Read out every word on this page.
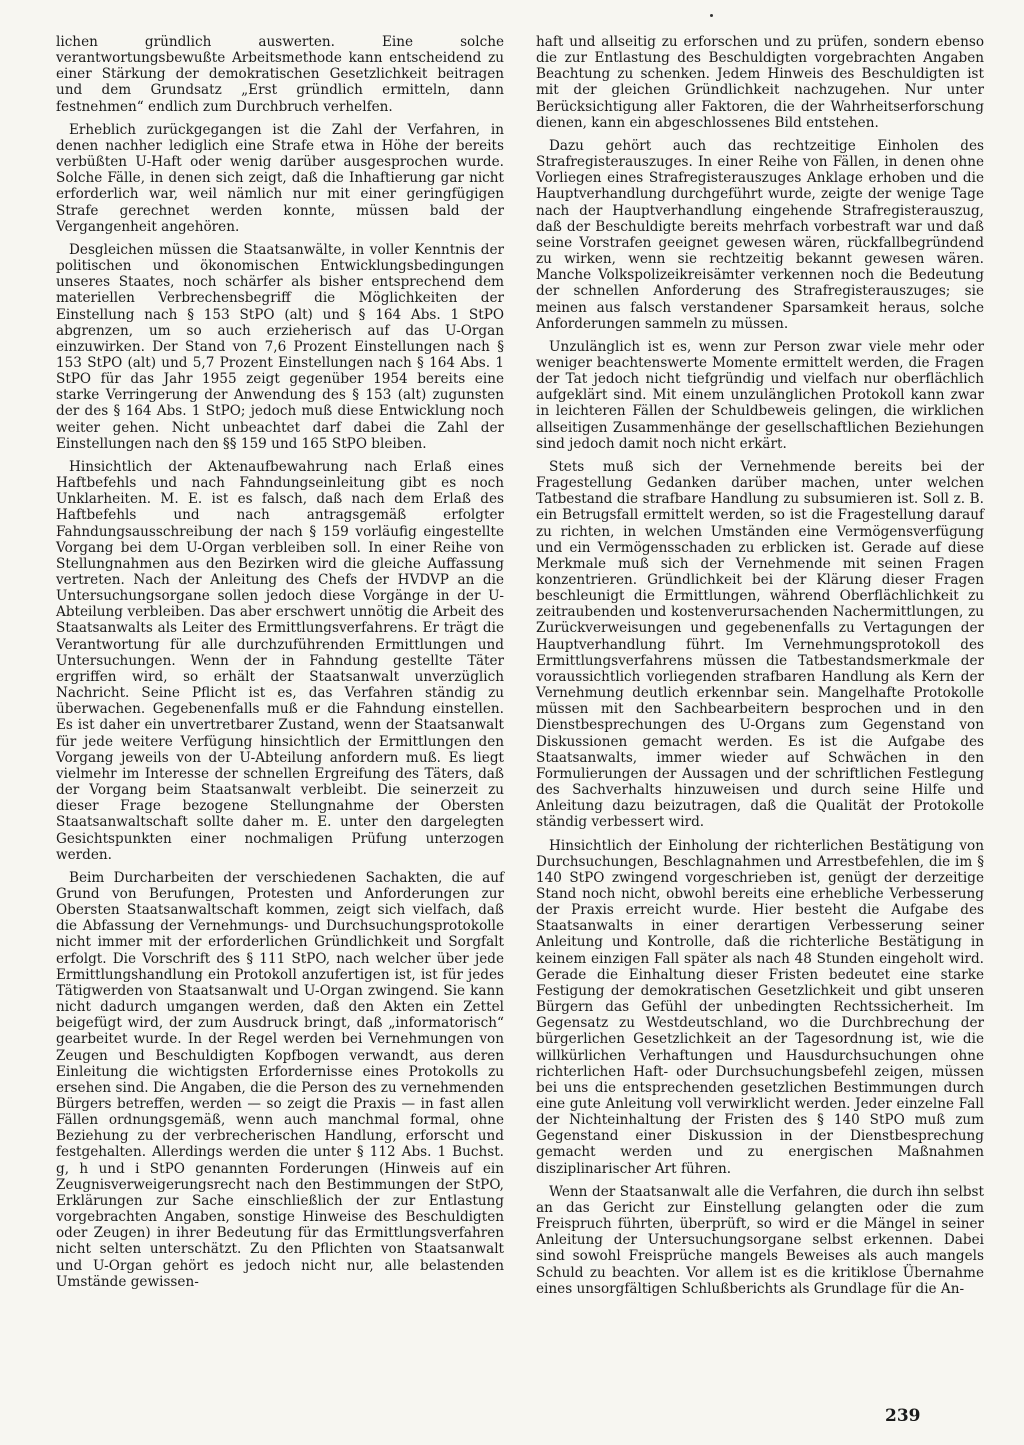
lichen gründlich auswerten. Eine solche verantwortungsbewußte Arbeitsmethode kann entscheidend zu einer Stärkung der demokratischen Gesetzlichkeit beitragen und dem Grundsatz „Erst gründlich ermitteln, dann festnehmen“ endlich zum Durchbruch verhelfen.

Erheblich zurückgegangen ist die Zahl der Verfahren, in denen nachher lediglich eine Strafe etwa in Höhe der bereits verbüßten U-Haft oder wenig darüber ausgesprochen wurde. Solche Fälle, in denen sich zeigt, daß die Inhaftierung gar nicht erforderlich war, weil nämlich nur mit einer geringfügigen Strafe gerechnet werden konnte, müssen bald der Vergangenheit angehören.

Desgleichen müssen die Staatsanwälte, in voller Kenntnis der politischen und ökonomischen Entwicklungsbedingungen unseres Staates, noch schärfer als bisher entsprechend dem materiellen Verbrechensbegriff die Möglichkeiten der Einstellung nach § 153 StPO (alt) und § 164 Abs. 1 StPO abgrenzen, um so auch erzieherisch auf das U-Organ einzuwirken. Der Stand von 7,6 Prozent Einstellungen nach § 153 StPO (alt) und 5,7 Prozent Einstellungen nach § 164 Abs. 1 StPO für das Jahr 1955 zeigt gegenüber 1954 bereits eine starke Verringerung der Anwendung des § 153 (alt) zugunsten der des § 164 Abs. 1 StPO; jedoch muß diese Entwicklung noch weiter gehen. Nicht unbeachtet darf dabei die Zahl der Einstellungen nach den §§ 159 und 165 StPO bleiben.

Hinsichtlich der Aktenaufbewahrung nach Erlaß eines Haftbefehls und nach Fahndungseinleitung gibt es noch Unklarheiten. M. E. ist es falsch, daß nach dem Erlaß des Haftbefehls und nach antragsgemäß erfolgter Fahndungsausschreibung der nach § 159 vorläufig eingestellte Vorgang bei dem U-Organ verbleiben soll. In einer Reihe von Stellungnahmen aus den Bezirken wird die gleiche Auffassung vertreten. Nach der Anleitung des Chefs der HVDVP an die Untersuchungsorgane sollen jedoch diese Vorgänge in der U-Abteilung verbleiben. Das aber erschwert unnötig die Arbeit des Staatsanwalts als Leiter des Ermittlungsverfahrens. Er trägt die Verantwortung für alle durchzuführenden Ermittlungen und Untersuchungen. Wenn der in Fahndung gestellte Täter ergriffen wird, so erhält der Staatsanwalt unverzüglich Nachricht. Seine Pflicht ist es, das Verfahren ständig zu überwachen. Gegebenenfalls muß er die Fahndung einstellen. Es ist daher ein unvertretbarer Zustand, wenn der Staatsanwalt für jede weitere Verfügung hinsichtlich der Ermittlungen den Vorgang jeweils von der U-Abteilung anfordern muß. Es liegt vielmehr im Interesse der schnellen Ergreifung des Täters, daß der Vorgang beim Staatsanwalt verbleibt. Die seinerzeit zu dieser Frage bezogene Stellungnahme der Obersten Staatsanwaltschaft sollte daher m. E. unter den dargelegten Gesichtspunkten einer nochmaligen Prüfung unterzogen werden.

Beim Durcharbeiten der verschiedenen Sachakten, die auf Grund von Berufungen, Protesten und Anforderungen zur Obersten Staatsanwaltschaft kommen, zeigt sich vielfach, daß die Abfassung der Vernehmungs- und Durchsuchungsprotokolle nicht immer mit der erforderlichen Gründlichkeit und Sorgfalt erfolgt. Die Vorschrift des § 111 StPO, nach welcher über jede Ermittlungshandlung ein Protokoll anzufertigen ist, ist für jedes Tätigwerden von Staatsanwalt und U-Organ zwingend. Sie kann nicht dadurch umgangen werden, daß den Akten ein Zettel beigefügt wird, der zum Ausdruck bringt, daß „informatorisch“ gearbeitet wurde. In der Regel werden bei Vernehmungen von Zeugen und Beschuldigten Kopfbogen verwandt, aus deren Einleitung die wichtigsten Erfordernisse eines Protokolls zu ersehen sind. Die Angaben, die die Person des zu vernehmenden Bürgers betreffen, werden — so zeigt die Praxis — in fast allen Fällen ordnungsgemäß, wenn auch manchmal formal, ohne Beziehung zu der verbrecherischen Handlung, erforscht und festgehalten. Allerdings werden die unter § 112 Abs. 1 Buchst. g, h und i StPO genannten Forderungen (Hinweis auf ein Zeugnisverweigerungsrecht nach den Bestimmungen der StPO, Erklärungen zur Sache einschließlich der zur Entlastung vorgebrachten Angaben, sonstige Hinweise des Beschuldigten oder Zeugen) in ihrer Bedeutung für das Ermittlungsverfahren nicht selten unterschätzt. Zu den Pflichten von Staatsanwalt und U-Organ gehört es jedoch nicht nur, alle belastenden Umstände gewissen-

haft und allseitig zu erforschen und zu prüfen, sondern ebenso die zur Entlastung des Beschuldigten vorgebrachten Angaben Beachtung zu schenken. Jedem Hinweis des Beschuldigten ist mit der gleichen Gründlichkeit nachzugehen. Nur unter Berücksichtigung aller Faktoren, die der Wahrheitserforschung dienen, kann ein abgeschlossenes Bild entstehen.

Dazu gehört auch das rechtzeitige Einholen des Strafregisterauszuges. In einer Reihe von Fällen, in denen ohne Vorliegen eines Strafregisterauszuges Anklage erhoben und die Hauptverhandlung durchgeführt wurde, zeigte der wenige Tage nach der Hauptverhandlung eingehende Strafregisterauszug, daß der Beschuldigte bereits mehrfach vorbestraft war und daß seine Vorstrafen geeignet gewesen wären, rückfallbegründend zu wirken, wenn sie rechtzeitig bekannt gewesen wären. Manche Volkspolizeikreisämter verkennen noch die Bedeutung der schnellen Anforderung des Strafregisterauszuges; sie meinen aus falsch verstandener Sparsamkeit heraus, solche Anforderungen sammeln zu müssen.

Unzulänglich ist es, wenn zur Person zwar viele mehr oder weniger beachtenswerte Momente ermittelt werden, die Fragen der Tat jedoch nicht tiefgründig und vielfach nur oberflächlich aufgeklärt sind. Mit einem unzulänglichen Protokoll kann zwar in leichteren Fällen der Schuldbeweis gelingen, die wirklichen allseitigen Zusammenhänge der gesellschaftlichen Beziehungen sind jedoch damit noch nicht erkärt.

Stets muß sich der Vernehmende bereits bei der Fragestellung Gedanken darüber machen, unter welchen Tatbestand die strafbare Handlung zu subsumieren ist. Soll z. B. ein Betrugsfall ermittelt werden, so ist die Fragestellung darauf zu richten, in welchen Umständen eine Vermögensverfügung und ein Vermögensschaden zu erblicken ist. Gerade auf diese Merkmale muß sich der Vernehmende mit seinen Fragen konzentrieren. Gründlichkeit bei der Klärung dieser Fragen beschleunigt die Ermittlungen, während Oberflächlichkeit zu zeitraubenden und kostenverursachenden Nachermittlungen, zu Zurückverweisungen und gegebenenfalls zu Vertagungen der Hauptverhandlung führt. Im Vernehmungsprotokoll des Ermittlungsverfahrens müssen die Tatbestandsmerkmale der voraussichtlich vorliegenden strafbaren Handlung als Kern der Vernehmung deutlich erkennbar sein. Mangelhafte Protokolle müssen mit den Sachbearbeitern besprochen und in den Dienstbesprechungen des U-Organs zum Gegenstand von Diskussionen gemacht werden. Es ist die Aufgabe des Staatsanwalts, immer wieder auf Schwächen in den Formulierungen der Aussagen und der schriftlichen Festlegung des Sachverhalts hinzuweisen und durch seine Hilfe und Anleitung dazu beizutragen, daß die Qualität der Protokolle ständig verbessert wird.

Hinsichtlich der Einholung der richterlichen Bestätigung von Durchsuchungen, Beschlagnahmen und Arrestbefehlen, die im § 140 StPO zwingend vorgeschrieben ist, genügt der derzeitige Stand noch nicht, obwohl bereits eine erhebliche Verbesserung der Praxis erreicht wurde. Hier besteht die Aufgabe des Staatsanwalts in einer derartigen Verbesserung seiner Anleitung und Kontrolle, daß die richterliche Bestätigung in keinem einzigen Fall später als nach 48 Stunden eingeholt wird. Gerade die Einhaltung dieser Fristen bedeutet eine starke Festigung der demokratischen Gesetzlichkeit und gibt unseren Bürgern das Gefühl der unbedingten Rechtssicherheit. Im Gegensatz zu Westdeutschland, wo die Durchbrechung der bürgerlichen Gesetzlichkeit an der Tagesordnung ist, wie die willkürlichen Verhaftungen und Hausdurchsuchungen ohne richterlichen Haft- oder Durchsuchungsbefehl zeigen, müssen bei uns die entsprechenden gesetzlichen Bestimmungen durch eine gute Anleitung voll verwirklicht werden. Jeder einzelne Fall der Nichteinhaltung der Fristen des § 140 StPO muß zum Gegenstand einer Diskussion in der Dienstbesprechung gemacht werden und zu energischen Maßnahmen disziplinarischer Art führen.

Wenn der Staatsanwalt alle die Verfahren, die durch ihn selbst an das Gericht zur Einstellung gelangten oder die zum Freispruch führten, überprüft, so wird er die Mängel in seiner Anleitung der Untersuchungsorgane selbst erkennen. Dabei sind sowohl Freisprüche mangels Beweises als auch mangels Schuld zu beachten. Vor allem ist es die kritiklose Übernahme eines unsorgfältigen Schlußberichts als Grundlage für die An-

239
